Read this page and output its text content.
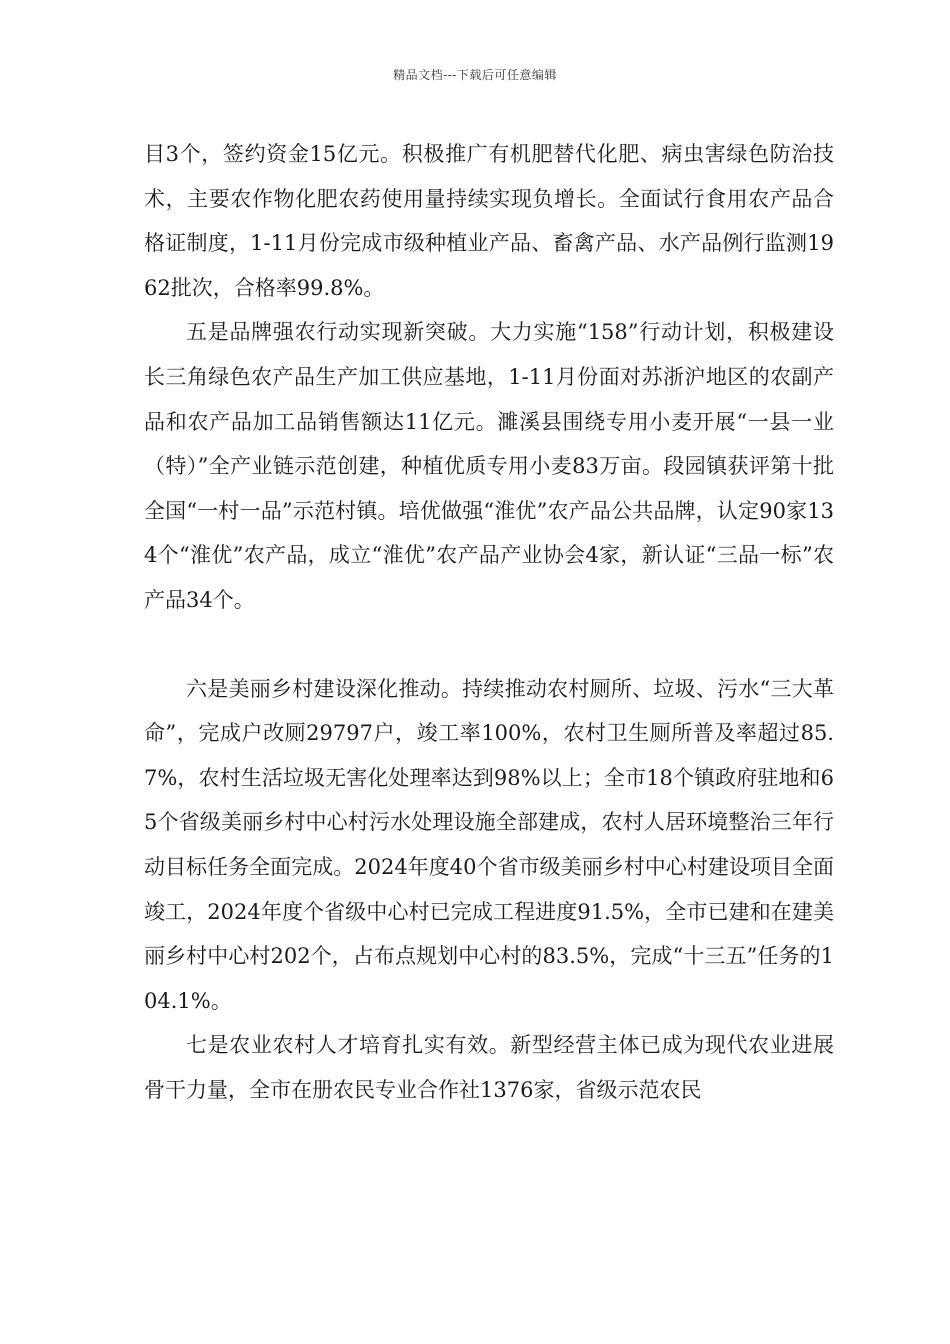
精品文档---下载后可任意编辑

目3个，签约资金15亿元。积极推广有机肥替代化肥、病虫害绿色防治技术，主要农作物化肥农药使用量持续实现负增长。全面试行食用农产品合格证制度，1-11月份完成市级种植业产品、畜禽产品、水产品例行监测1962批次，合格率99.8%。

五是品牌强农行动实现新突破。大力实施“158”行动计划，积极建设长三角绿色农产品生产加工供应基地，1-11月份面对苏浙沪地区的农副产品和农产品加工品销售额达11亿元。濉溪县围绕专用小麦开展“一县一业（特）”全产业链示范创建，种植优质专用小麦83万亩。段园镇获评第十批全国“一村一品”示范村镇。培优做强“淮优”农产品公共品牌，认定90家134个“淮优”农产品，成立“淮优”农产品产业协会4家，新认证“三品一标”农产品34个。

六是美丽乡村建设深化推动。持续推动农村厕所、垃圾、污水“三大革命”，完成户改厕29797户，竣工率100%，农村卫生厕所普及率超过85.7%，农村生活垃圾无害化处理率达到98%以上；全市18个镇政府驻地和65个省级美丽乡村中心村污水处理设施全部建成，农村人居环境整治三年行动目标任务全面完成。2024年度40个省市级美丽乡村中心村建设项目全面竣工，2024年度个省级中心村已完成工程进度91.5%，全市已建和在建美丽乡村中心村202个，占布点规划中心村的83.5%，完成“十三五”任务的104.1%。

七是农业农村人才培育扎实有效。新型经营主体已成为现代农业进展骨干力量，全市在册农民专业合作社1376家，省级示范农民
